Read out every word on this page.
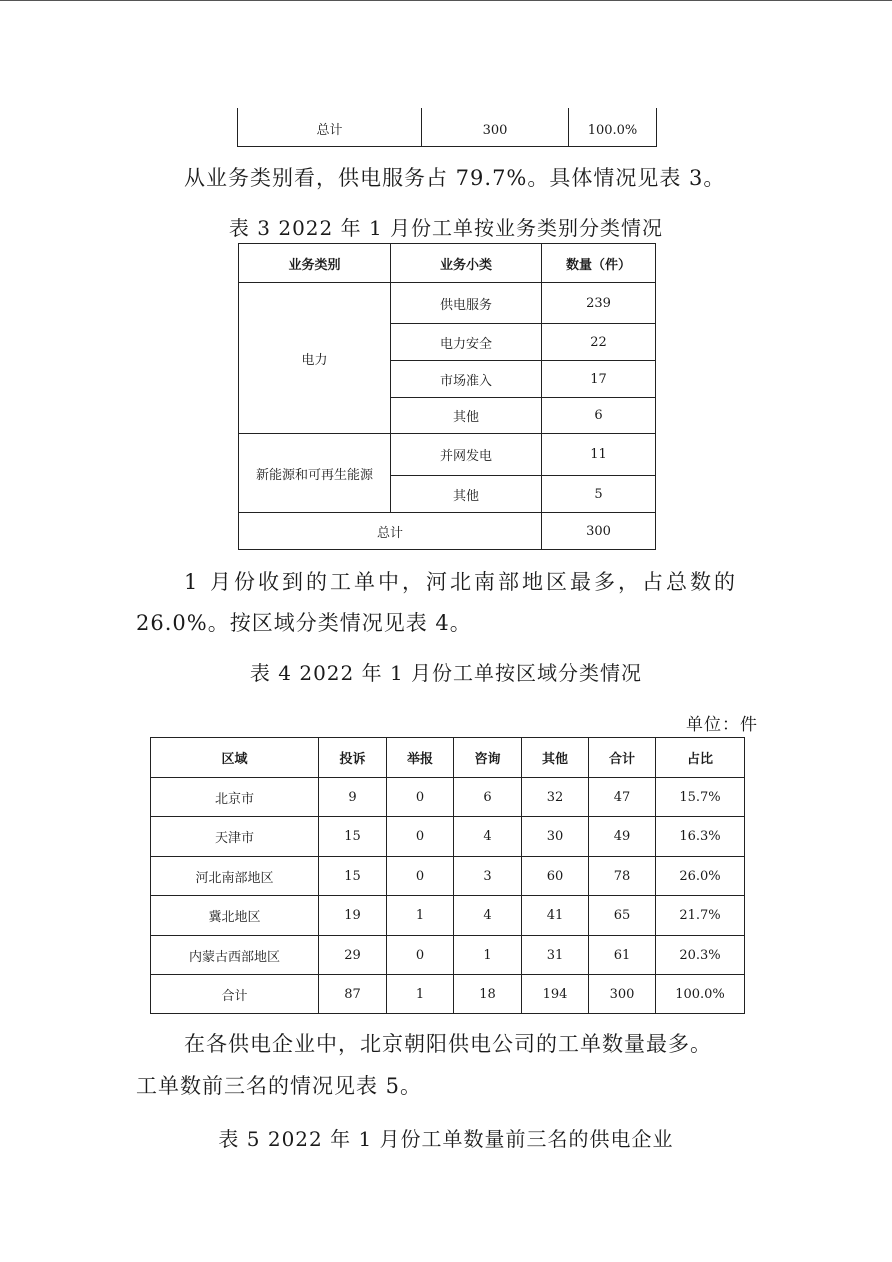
总计	300	100.0%
从业务类别看，供电服务占 79.7%。具体情况见表 3。
表 3 2022 年 1 月份工单按业务类别分类情况
业务类别	业务小类	数量（件）
电力	供电服务	239
	电力安全	22
	市场准入	17
	其他	6
新能源和可再生能源	并网发电	11
	其他	5
总计		300
1 月份收到的工单中，河北南部地区最多，占总数的
26.0%。按区域分类情况见表 4。
表 4 2022 年 1 月份工单按区域分类情况
单位：件
区域	投诉	举报	咨询	其他	合计	占比
北京市	9	0	6	32	47	15.7%
天津市	15	0	4	30	49	16.3%
河北南部地区	15	0	3	60	78	26.0%
冀北地区	19	1	4	41	65	21.7%
内蒙古西部地区	29	0	1	31	61	20.3%
合计	87	1	18	194	300	100.0%
在各供电企业中，北京朝阳供电公司的工单数量最多。
工单数前三名的情况见表 5。
表 5 2022 年 1 月份工单数量前三名的供电企业
